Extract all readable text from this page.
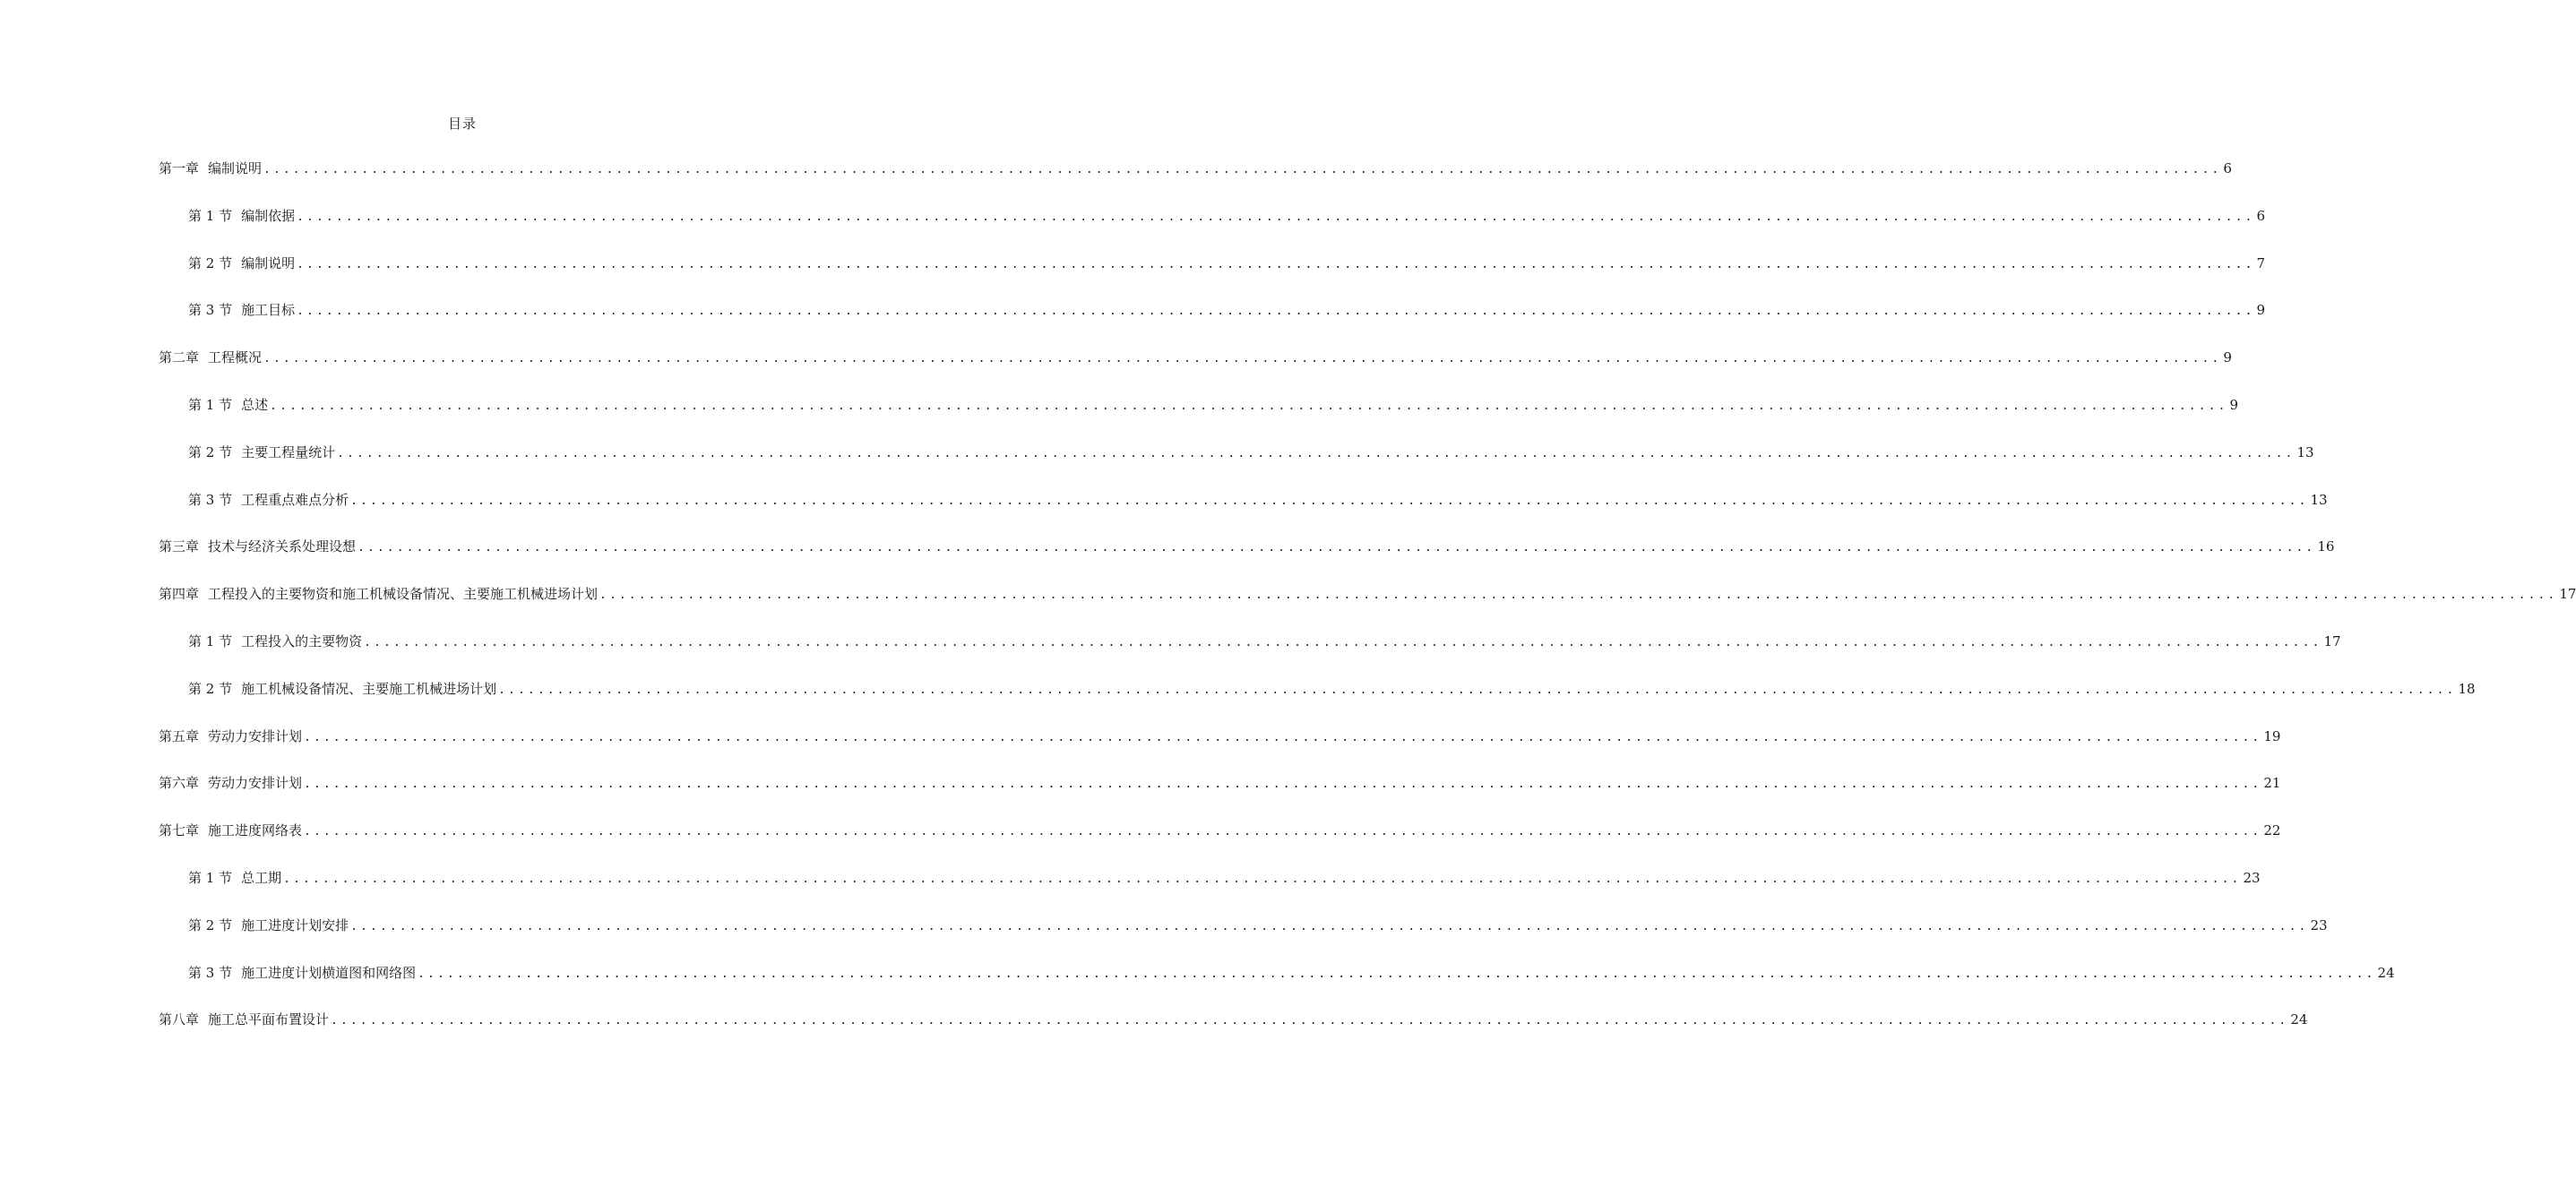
目录
第一章 编制说明 ........................................................................................................................................................................................................ 6
第 1 节 编制依据 ........................................................................................................................................................................................................ 6
第 2 节 编制说明 ........................................................................................................................................................................................................ 7
第 3 节 施工目标 ........................................................................................................................................................................................................ 9
第二章 工程概况 ........................................................................................................................................................................................................ 9
第 1 节 总述 ........................................................................................................................................................................................................ 9
第 2 节 主要工程量统计 ........................................................................................................................................................................................................ 13
第 3 节 工程重点难点分析 ........................................................................................................................................................................................................ 13
第三章 技术与经济关系处理设想 ........................................................................................................................................................................................................ 16
第四章 工程投入的主要物资和施工机械设备情况、主要施工机械进场计划 ........................................................................................................................................................................................................ 17
第 1 节 工程投入的主要物资 ........................................................................................................................................................................................................ 17
第 2 节 施工机械设备情况、主要施工机械进场计划 ........................................................................................................................................................................................................ 18
第五章 劳动力安排计划 ........................................................................................................................................................................................................ 19
第六章 劳动力安排计划 ........................................................................................................................................................................................................ 21
第七章 施工进度网络表 ........................................................................................................................................................................................................ 22
第 1 节 总工期 ........................................................................................................................................................................................................ 23
第 2 节 施工进度计划安排 ........................................................................................................................................................................................................ 23
第 3 节 施工进度计划横道图和网络图 ........................................................................................................................................................................................................ 24
第八章 施工总平面布置设计 ........................................................................................................................................................................................................ 24
